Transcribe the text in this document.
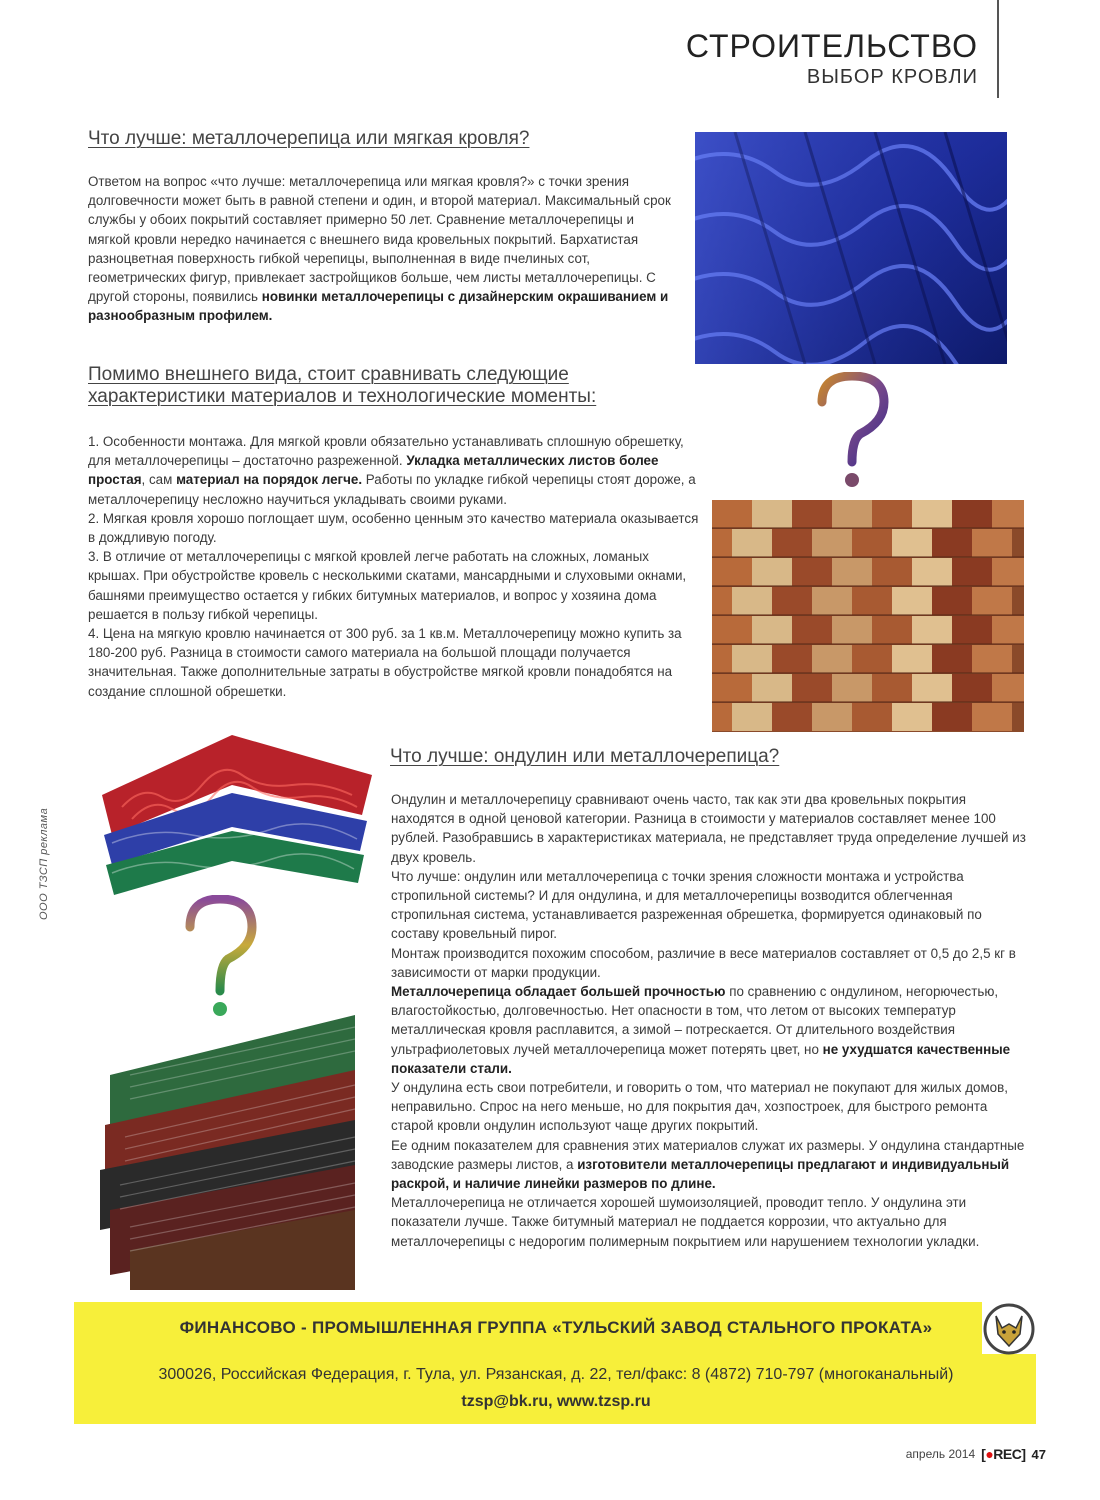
СТРОИТЕЛЬСТВО
ВЫБОР КРОВЛИ
Что лучше: металлочерепица или мягкая кровля?

Ответом на вопрос «что лучше: металлочерепица или мягкая кровля?» с точки зрения долговечности может быть в равной степени и один, и второй материал. Максимальный срок службы у обоих покрытий составляет примерно 50 лет. Сравнение металлочерепицы и мягкой кровли нередко начинается с внешнего вида кровельных покрытий. Бархатистая разноцветная поверхность гибкой черепицы, выполненная в виде пчелиных сот, геометрических фигур, привлекает застройщиков больше, чем листы металлочерепицы. С другой стороны, появились новинки металлочерепицы с дизайнерским окрашиванием и разнообразным профилем.

Помимо внешнего вида, стоит сравнивать следующие характеристики материалов и технологические моменты:

1. Особенности монтажа. Для мягкой кровли обязательно устанавливать сплошную обрешетку, для металлочерепицы – достаточно разреженной. Укладка металлических листов более простая, сам материал на порядок легче. Работы по укладке гибкой черепицы стоят дороже, а металлочерепицу несложно научиться укладывать своими руками.

2. Мягкая кровля хорошо поглощает шум, особенно ценным это качество материала оказывается в дождливую погоду.

3. В отличие от металлочерепицы с мягкой кровлей легче работать на сложных, ломаных крышах. При обустройстве кровель с несколькими скатами, мансардными и слуховыми окнами, башнями преимущество остается у гибких битумных материалов, и вопрос у хозяина дома решается в пользу гибкой черепицы.

4. Цена на мягкую кровлю начинается от 300 руб. за 1 кв.м. Металлочерепицу можно купить за 180-200 руб. Разница в стоимости самого материала на большой площади получается значительная. Также дополнительные затраты в обустройстве мягкой кровли понадобятся на создание сплошной обрешетки.

Что лучше: ондулин или металлочерепица?

Ондулин и металлочерепицу сравнивают очень часто, так как эти два кровельных покрытия находятся в одной ценовой категории. Разница в стоимости у материалов составляет менее 100 рублей. Разобравшись в характеристиках материала, не представляет труда определение лучшей из двух кровель.

Что лучше: ондулин или металлочерепица с точки зрения сложности монтажа и устройства стропильной системы? И для ондулина, и для металлочерепицы возводится облегченная стропильная система, устанавливается разреженная обрешетка, формируется одинаковый по составу кровельный пирог.

Монтаж производится похожим способом, различие в весе материалов составляет от 0,5 до 2,5 кг в зависимости от марки продукции.

Металлочерепица обладает большей прочностью по сравнению с ондулином, негорючестью, влагостойкостью, долговечностью. Нет опасности в том, что летом от высоких температур металлическая кровля расплавится, а зимой – потрескается. От длительного воздействия ультрафиолетовых лучей металлочерепица может потерять цвет, но не ухудшатся качественные показатели стали.

У ондулина есть свои потребители, и говорить о том, что материал не покупают для жилых домов, неправильно. Спрос на него меньше, но для покрытия дач, хозпостроек, для быстрого ремонта старой кровли ондулин используют чаще других покрытий.

Ее одним показателем для сравнения этих материалов служат их размеры. У ондулина стандартные заводские размеры листов, а изготовители металлочерепицы предлагают и индивидуальный раскрой, и наличие линейки размеров по длине.

Металлочерепица не отличается хорошей шумоизоляцией, проводит тепло. У ондулина эти показатели лучше. Также битумный материал не поддается коррозии, что актуально для металлочерепицы с недорогим полимерным покрытием или нарушением технологии укладки.

ООО ТЗСП реклама
ФИНАНСОВО - ПРОМЫШЛЕННАЯ ГРУППА «ТУЛЬСКИЙ ЗАВОД СТАЛЬНОГО ПРОКАТА»
300026, Российская Федерация, г. Тула, ул. Рязанская, д. 22, тел/факс: 8 (4872) 710-797 (многоканальный)
tzsp@bk.ru, www.tzsp.ru
апрель 2014 [●REC] 47
